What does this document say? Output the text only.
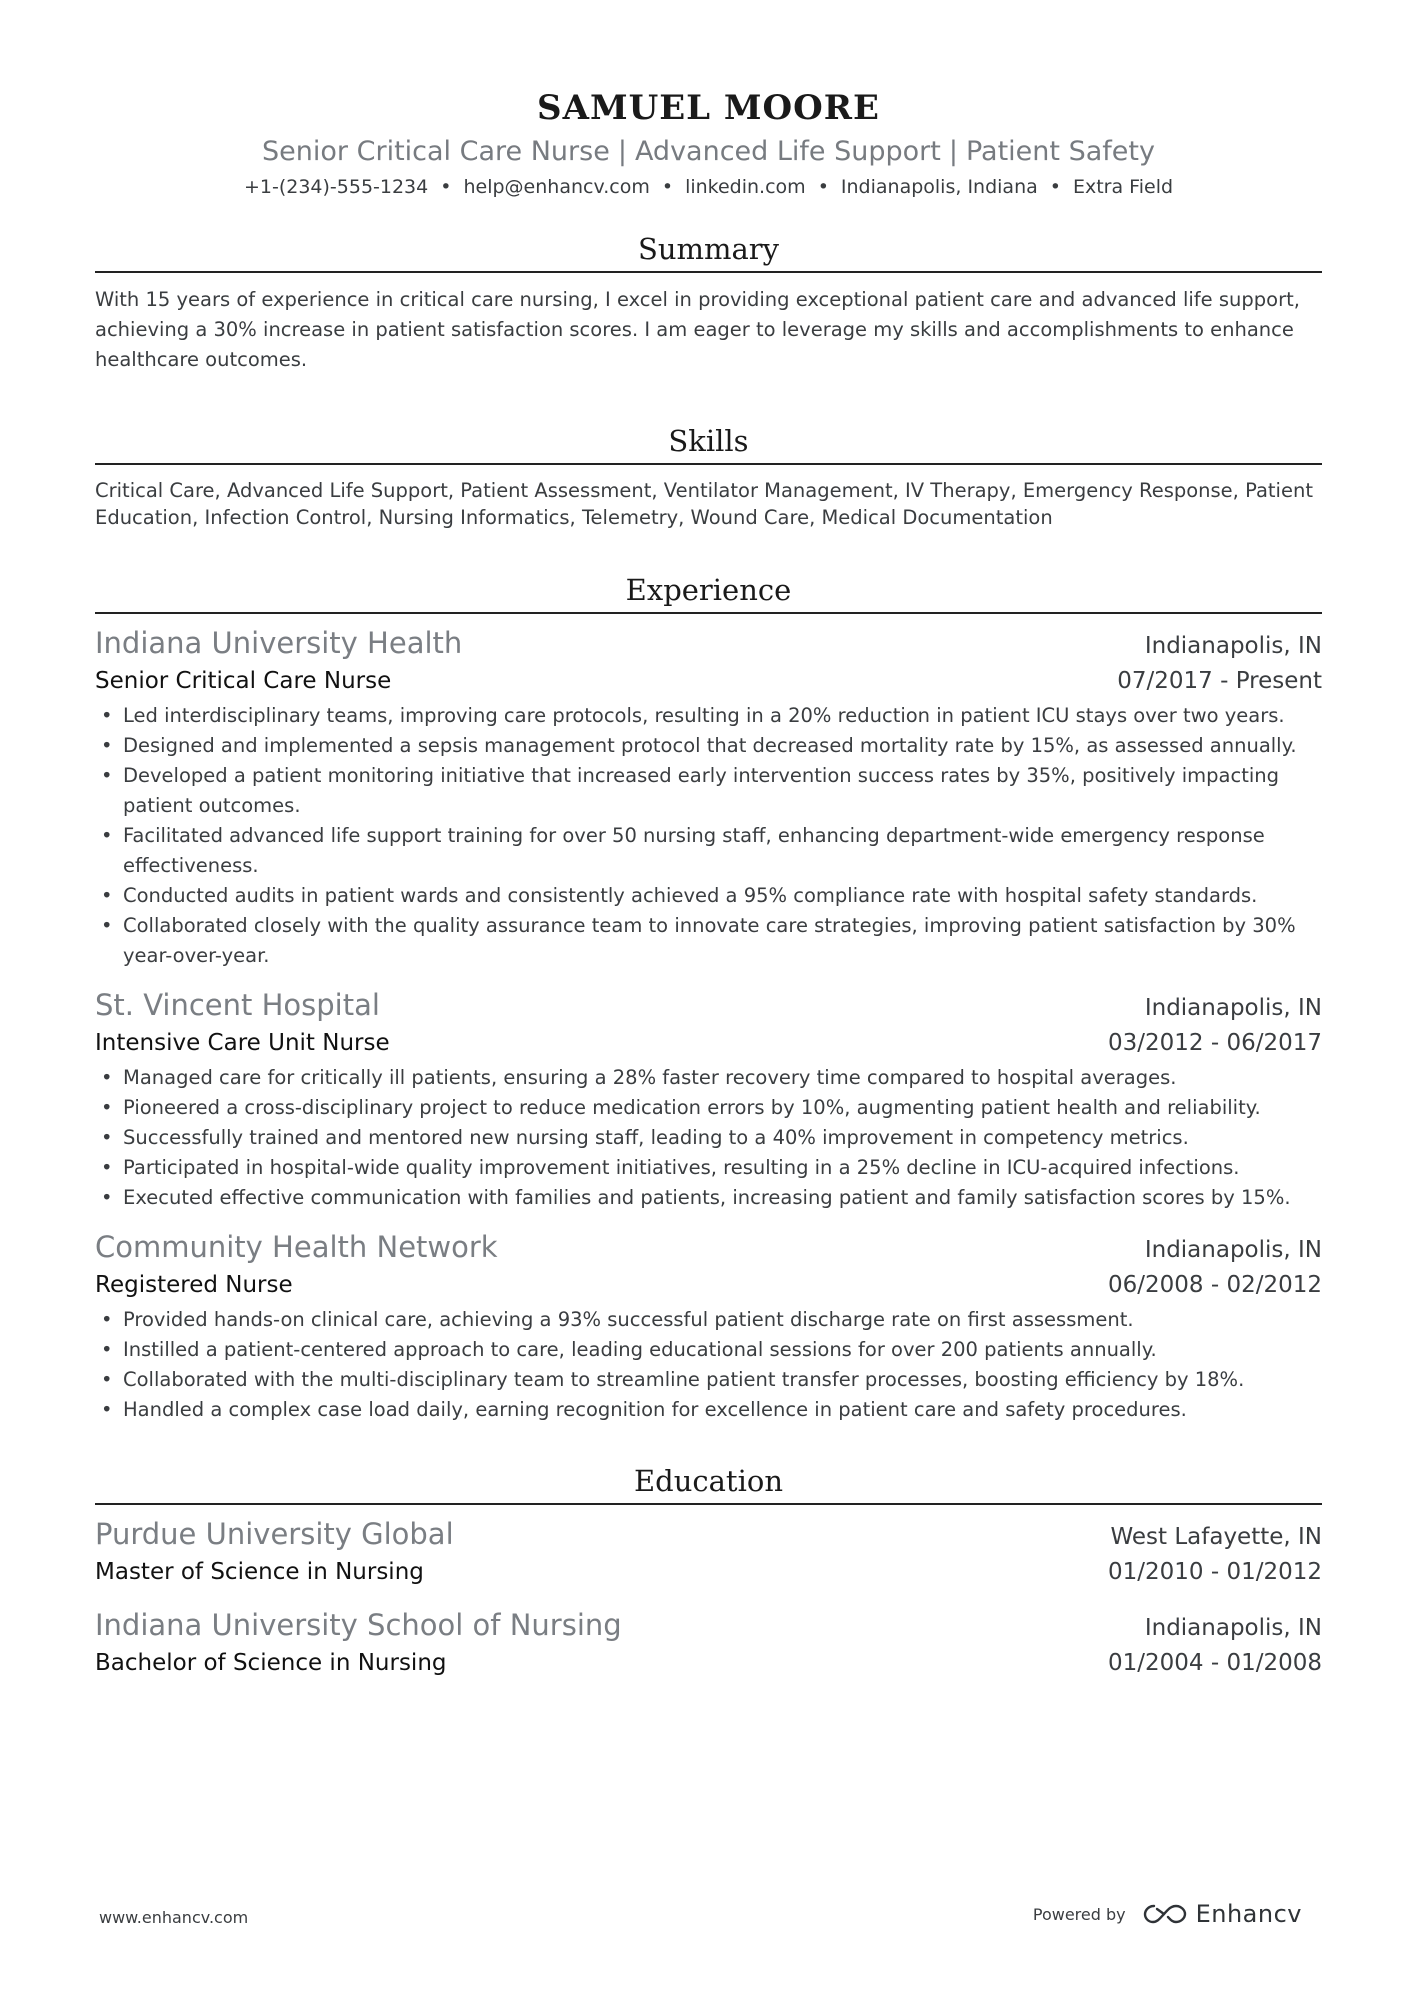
SAMUEL MOORE
Senior Critical Care Nurse | Advanced Life Support | Patient Safety
+1-(234)-555-1234 • help@enhancv.com • linkedin.com • Indianapolis, Indiana • Extra Field
Summary
With 15 years of experience in critical care nursing, I excel in providing exceptional patient care and advanced life support, achieving a 30% increase in patient satisfaction scores. I am eager to leverage my skills and accomplishments to enhance healthcare outcomes.
Skills
Critical Care, Advanced Life Support, Patient Assessment, Ventilator Management, IV Therapy, Emergency Response, Patient Education, Infection Control, Nursing Informatics, Telemetry, Wound Care, Medical Documentation
Experience
Indiana University Health	Indianapolis, IN
Senior Critical Care Nurse	07/2017 - Present
• Led interdisciplinary teams, improving care protocols, resulting in a 20% reduction in patient ICU stays over two years.
• Designed and implemented a sepsis management protocol that decreased mortality rate by 15%, as assessed annually.
• Developed a patient monitoring initiative that increased early intervention success rates by 35%, positively impacting patient outcomes.
• Facilitated advanced life support training for over 50 nursing staff, enhancing department-wide emergency response effectiveness.
• Conducted audits in patient wards and consistently achieved a 95% compliance rate with hospital safety standards.
• Collaborated closely with the quality assurance team to innovate care strategies, improving patient satisfaction by 30% year-over-year.
St. Vincent Hospital	Indianapolis, IN
Intensive Care Unit Nurse	03/2012 - 06/2017
• Managed care for critically ill patients, ensuring a 28% faster recovery time compared to hospital averages.
• Pioneered a cross-disciplinary project to reduce medication errors by 10%, augmenting patient health and reliability.
• Successfully trained and mentored new nursing staff, leading to a 40% improvement in competency metrics.
• Participated in hospital-wide quality improvement initiatives, resulting in a 25% decline in ICU-acquired infections.
• Executed effective communication with families and patients, increasing patient and family satisfaction scores by 15%.
Community Health Network	Indianapolis, IN
Registered Nurse	06/2008 - 02/2012
• Provided hands-on clinical care, achieving a 93% successful patient discharge rate on first assessment.
• Instilled a patient-centered approach to care, leading educational sessions for over 200 patients annually.
• Collaborated with the multi-disciplinary team to streamline patient transfer processes, boosting efficiency by 18%.
• Handled a complex case load daily, earning recognition for excellence in patient care and safety procedures.
Education
Purdue University Global	West Lafayette, IN
Master of Science in Nursing	01/2010 - 01/2012
Indiana University School of Nursing	Indianapolis, IN
Bachelor of Science in Nursing	01/2004 - 01/2008
www.enhancv.com	Powered by	Enhancv
